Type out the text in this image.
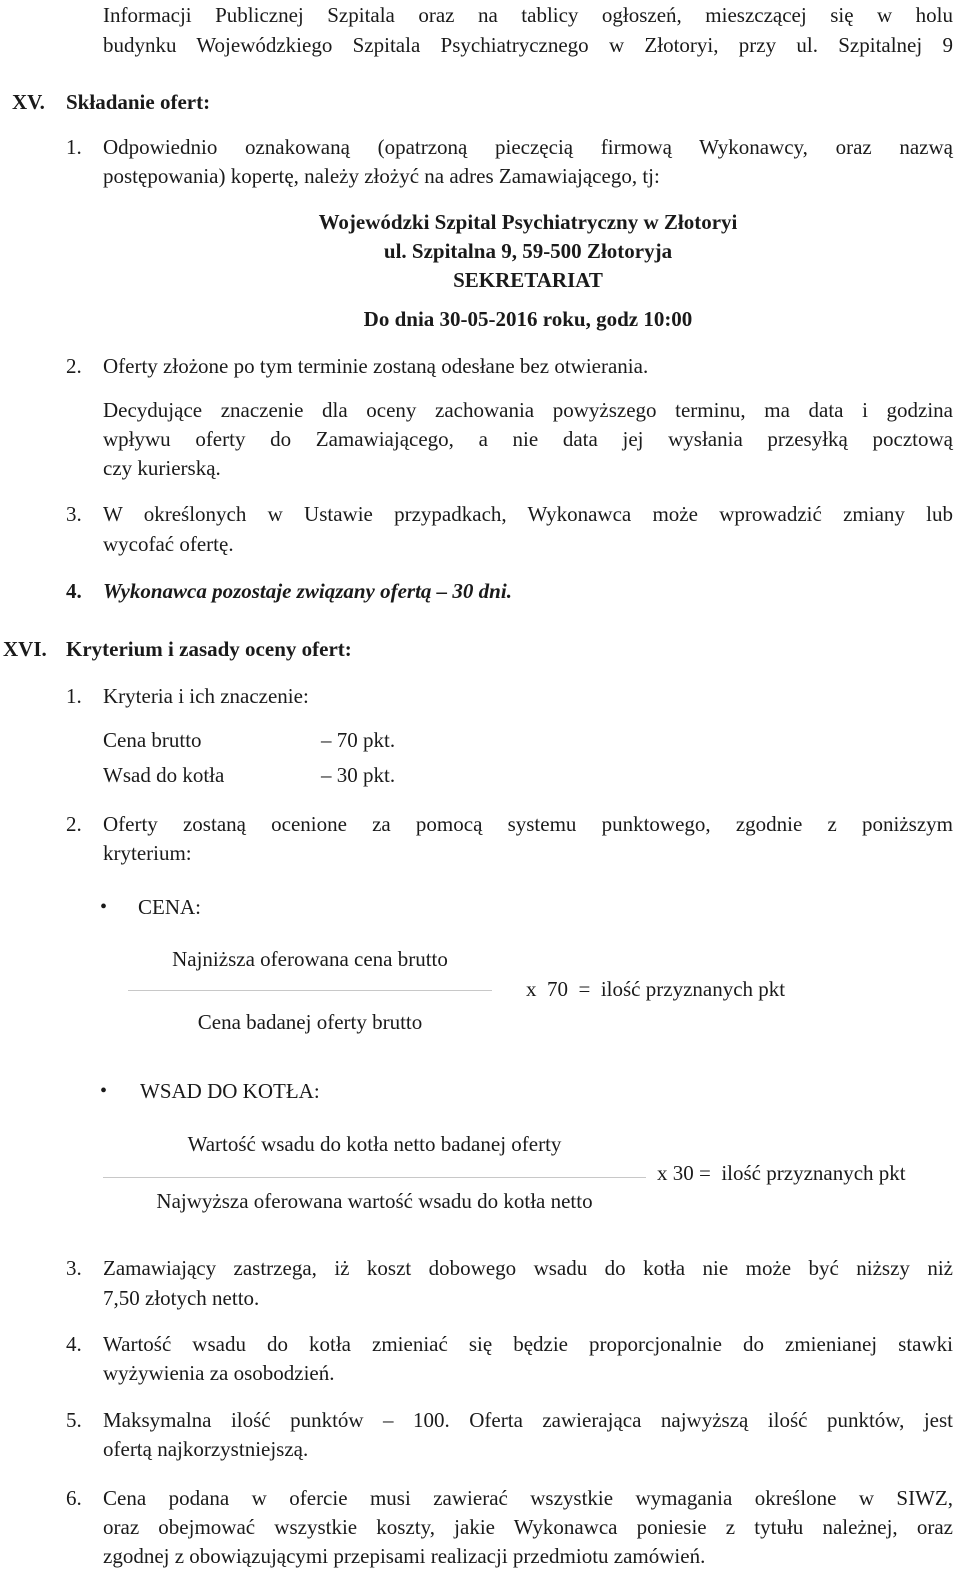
Informacji Publicznej Szpitala oraz na tablicy ogłoszeń, mieszczącej się w holu
budynku Wojewódzkiego Szpitala Psychiatrycznego w Złotoryi, przy ul. Szpitalnej 9
XV. Składanie ofert:
1. Odpowiednio oznakowaną (opatrzoną pieczęcią firmową Wykonawcy, oraz nazwą
postępowania) kopertę, należy złożyć na adres Zamawiającego, tj:
Wojewódzki Szpital Psychiatryczny w Złotoryi
ul. Szpitalna 9, 59-500 Złotoryja
SEKRETARIAT
Do dnia 30-05-2016 roku, godz 10:00
2. Oferty złożone po tym terminie zostaną odesłane bez otwierania.
Decydujące znaczenie dla oceny zachowania powyższego terminu, ma data i godzina
wpływu oferty do Zamawiającego, a nie data jej wysłania przesyłką pocztową
czy kurierską.
3. W określonych w Ustawie przypadkach, Wykonawca może wprowadzić zmiany lub
wycofać ofertę.
4. Wykonawca pozostaje związany ofertą – 30 dni.
XVI. Kryterium i zasady oceny ofert:
1. Kryteria i ich znaczenie:
Cena brutto	– 70 pkt.
Wsad do kotła	– 30 pkt.
2. Oferty zostaną ocenione za pomocą systemu punktowego, zgodnie z poniższym
kryterium:
• CENA:
Najniższa oferowana cena brutto
Cena badanej oferty brutto
x  70  =  ilość przyznanych pkt
• WSAD DO KOTŁA:
Wartość wsadu do kotła netto badanej oferty
Najwyższa oferowana wartość wsadu do kotła netto
x 30 =  ilość przyznanych pkt
3. Zamawiający zastrzega, iż koszt dobowego wsadu do kotła nie może być niższy niż
7,50 złotych netto.
4. Wartość wsadu do kotła zmieniać się będzie proporcjonalnie do zmienianej stawki
wyżywienia za osobodzień.
5. Maksymalna ilość punktów – 100. Oferta zawierająca najwyższą ilość punktów, jest
ofertą najkorzystniejszą.
6. Cena podana w ofercie musi zawierać wszystkie wymagania określone w SIWZ,
oraz obejmować wszystkie koszty, jakie Wykonawca poniesie z tytułu należnej, oraz
zgodnej z obowiązującymi przepisami realizacji przedmiotu zamówień.
